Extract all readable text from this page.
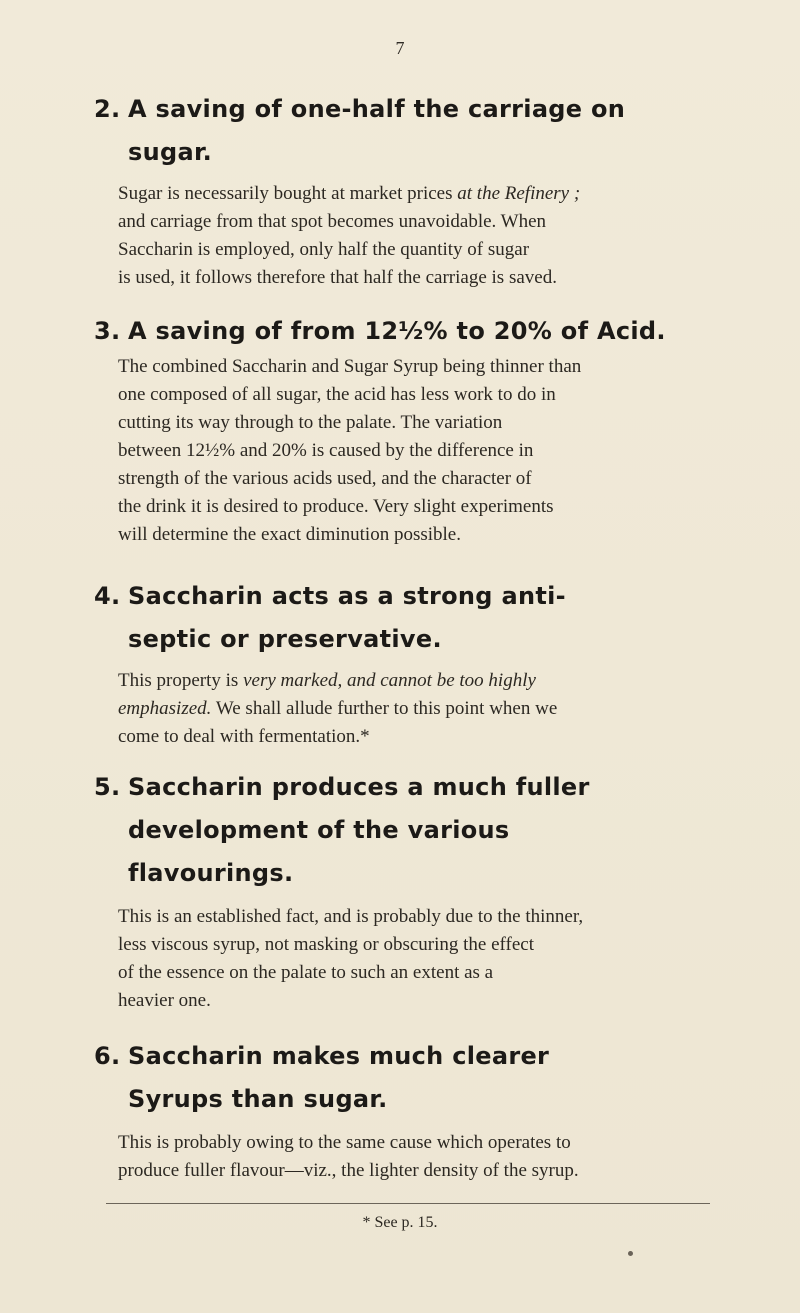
7
2. A saving of one-half the carriage on
sugar.
Sugar is necessarily bought at market prices at the Refinery ;
and carriage from that spot becomes unavoidable. When
Saccharin is employed, only half the quantity of sugar
is used, it follows therefore that half the carriage is saved.
3. A saving of from 12½% to 20% of Acid.
The combined Saccharin and Sugar Syrup being thinner than
one composed of all sugar, the acid has less work to do in
cutting its way through to the palate. The variation
between 12½% and 20% is caused by the difference in
strength of the various acids used, and the character of
the drink it is desired to produce. Very slight experiments
will determine the exact diminution possible.
4. Saccharin acts as a strong anti-
septic or preservative.
This property is very marked, and cannot be too highly
emphasized. We shall allude further to this point when we
come to deal with fermentation.*
5. Saccharin produces a much fuller
development of the various
flavourings.
This is an established fact, and is probably due to the thinner,
less viscous syrup, not masking or obscuring the effect
of the essence on the palate to such an extent as a
heavier one.
6. Saccharin makes much clearer
Syrups than sugar.
This is probably owing to the same cause which operates to
produce fuller flavour—viz., the lighter density of the syrup.
* See p. 15.
